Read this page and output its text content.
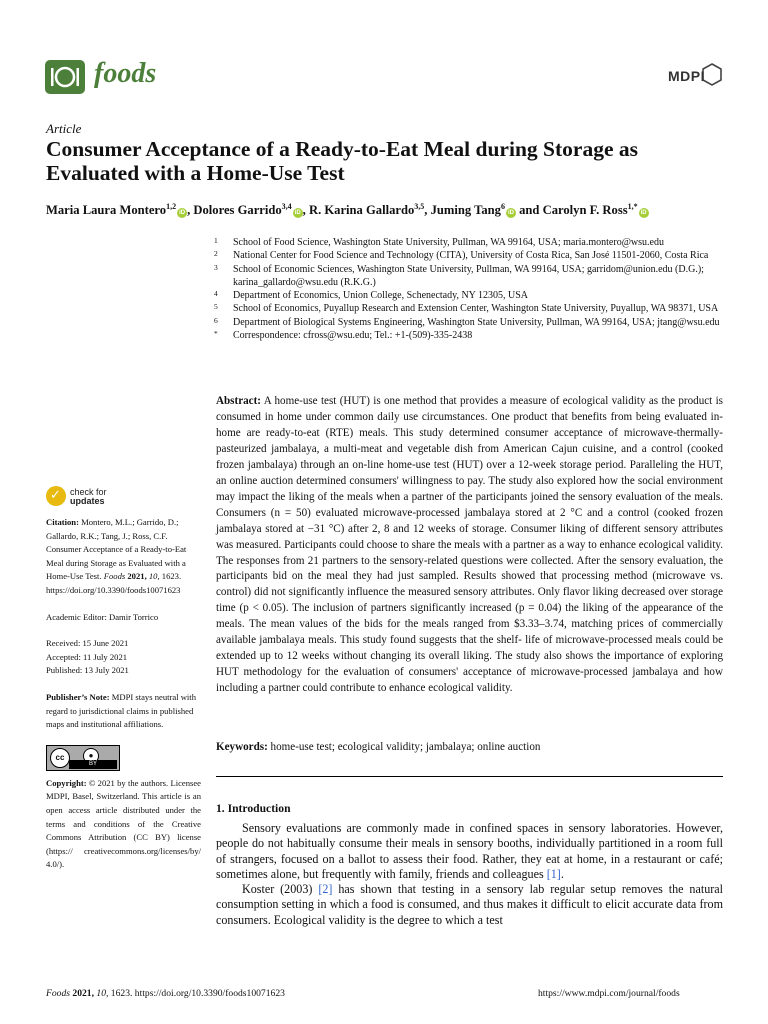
foods	MDPI
Article
Consumer Acceptance of a Ready-to-Eat Meal during Storage as Evaluated with a Home-Use Test
Maria Laura Montero$^{1,2}$iD , Dolores Garrido$^{3,4}$iD , R. Karina Gallardo$^{3,5}$, Juming Tang$^6$iD and Carolyn F. Ross$^{1,*}$iD
1 School of Food Science, Washington State University, Pullman, WA 99164, USA; maria.montero@wsu.edu
2 National Center for Food Science and Technology (CITA), University of Costa Rica, San José 11501-2060, Costa Rica
3 School of Economic Sciences, Washington State University, Pullman, WA 99164, USA; garridom@union.edu (D.G.); karina_gallardo@wsu.edu (R.K.G.)
4 Department of Economics, Union College, Schenectady, NY 12305, USA
5 School of Economics, Puyallup Research and Extension Center, Washington State University, Puyallup, WA 98371, USA
6 Department of Biological Systems Engineering, Washington State University, Pullman, WA 99164, USA; jtang@wsu.edu
* Correspondence: cfross@wsu.edu; Tel.: +1-(509)-335-2438
✓ check for
updates
Citation: Montero, M.L.; Garrido, D.; Gallardo, R.K.; Tang, J.; Ross, C.F. Consumer Acceptance of a Ready-to-Eat Meal during Storage as Evaluated with a Home-Use Test. Foods 2021, 10, 1623. https://doi.org/10.3390/foods10071623
Academic Editor: Damir Torrico
Received: 15 June 2021
Accepted: 11 July 2021
Published: 13 July 2021
Publisher’s Note: MDPI stays neutral with regard to jurisdictional claims in published maps and institutional affiliations.
cc	●
BY
Copyright: © 2021 by the authors. Licensee MDPI, Basel, Switzerland. This article is an open access article distributed under the terms and conditions of the Creative Commons Attribution (CC BY) license (https:// creativecommons.org/licenses/by/ 4.0/).
Abstract: A home-use test (HUT) is one method that provides a measure of ecological validity as the product is consumed in home under common daily use circumstances. One product that benefits from being evaluated in-home are ready-to-eat (RTE) meals. This study determined consumer acceptance of microwave-thermally-pasteurized jambalaya, a multi-meat and vegetable dish from American Cajun cuisine, and a control (cooked frozen jambalaya) through an on-line home-use test (HUT) over a 12-week storage period. Paralleling the HUT, an online auction determined consumers' willingness to pay. The study also explored how the social environment may impact the liking of the meals when a partner of the participants joined the sensory evaluation of the meals. Consumers (n = 50) evaluated microwave-processed jambalaya stored at 2 °C and a control (cooked frozen jambalaya stored at −31 °C) after 2, 8 and 12 weeks of storage. Consumer liking of different sensory attributes was measured. Participants could choose to share the meals with a partner as a way to enhance ecological validity. The responses from 21 partners to the sensory-related questions were collected. After the sensory evaluation, the participants bid on the meal they had just sampled. Results showed that processing method (microwave vs. control) did not significantly influence the measured sensory attributes. Only flavor liking decreased over storage time (p < 0.05). The inclusion of partners significantly increased (p = 0.04) the liking of the appearance of the meals. The mean values of the bids for the meals ranged from $3.33–3.74, matching prices of commercially available jambalaya meals. This study found suggests that the shelf- life of microwave-processed meals could be extended up to 12 weeks without changing its overall liking. The study also shows the importance of exploring HUT methodology for the evaluation of consumers' acceptance of microwave-processed jambalaya and how including a partner could contribute to enhance ecological validity.
Keywords: home-use test; ecological validity; jambalaya; online auction
1. Introduction

Sensory evaluations are commonly made in confined spaces in sensory laboratories. However, people do not habitually consume their meals in sensory booths, individually partitioned in a room full of strangers, focused on a ballot to assess their food. Rather, they eat at home, in a restaurant or café; sometimes alone, but frequently with family, friends and colleagues [1].

Koster (2003) [2] has shown that testing in a sensory lab regular setup removes the natural consumption setting in which a food is consumed, and thus makes it difficult to elicit accurate data from consumers. Ecological validity is the degree to which a test

Foods 2021, 10, 1623. https://doi.org/10.3390/foods10071623	https://www.mdpi.com/journal/foods
